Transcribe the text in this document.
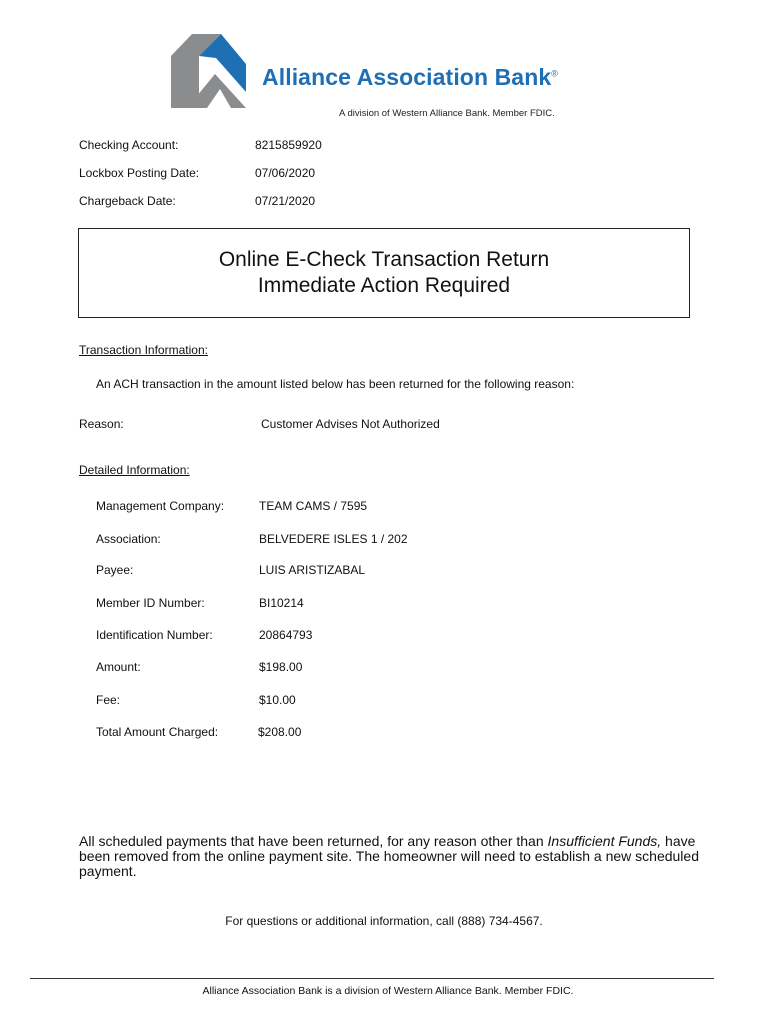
Alliance Association Bank®
A division of Western Alliance Bank. Member FDIC.
Checking Account:	8215859920
Lockbox Posting Date:	07/06/2020
Chargeback Date:	07/21/2020
Online E-Check Transaction Return
Immediate Action Required
Transaction Information:
An ACH transaction in the amount listed below has been returned for the following reason:
Reason:	Customer Advises Not Authorized
Detailed Information:
Management Company:	TEAM CAMS / 7595
Association:	BELVEDERE ISLES 1 / 202
Payee:	LUIS ARISTIZABAL
Member ID Number:	BI10214
Identification Number:	20864793
Amount:	$198.00
Fee:	$10.00
Total Amount Charged:	$208.00
All scheduled payments that have been returned, for any reason other than Insufficient Funds, have been removed from the online payment site. The homeowner will need to establish a new scheduled payment.
For questions or additional information, call (888) 734-4567.
Alliance Association Bank is a division of Western Alliance Bank. Member FDIC.
